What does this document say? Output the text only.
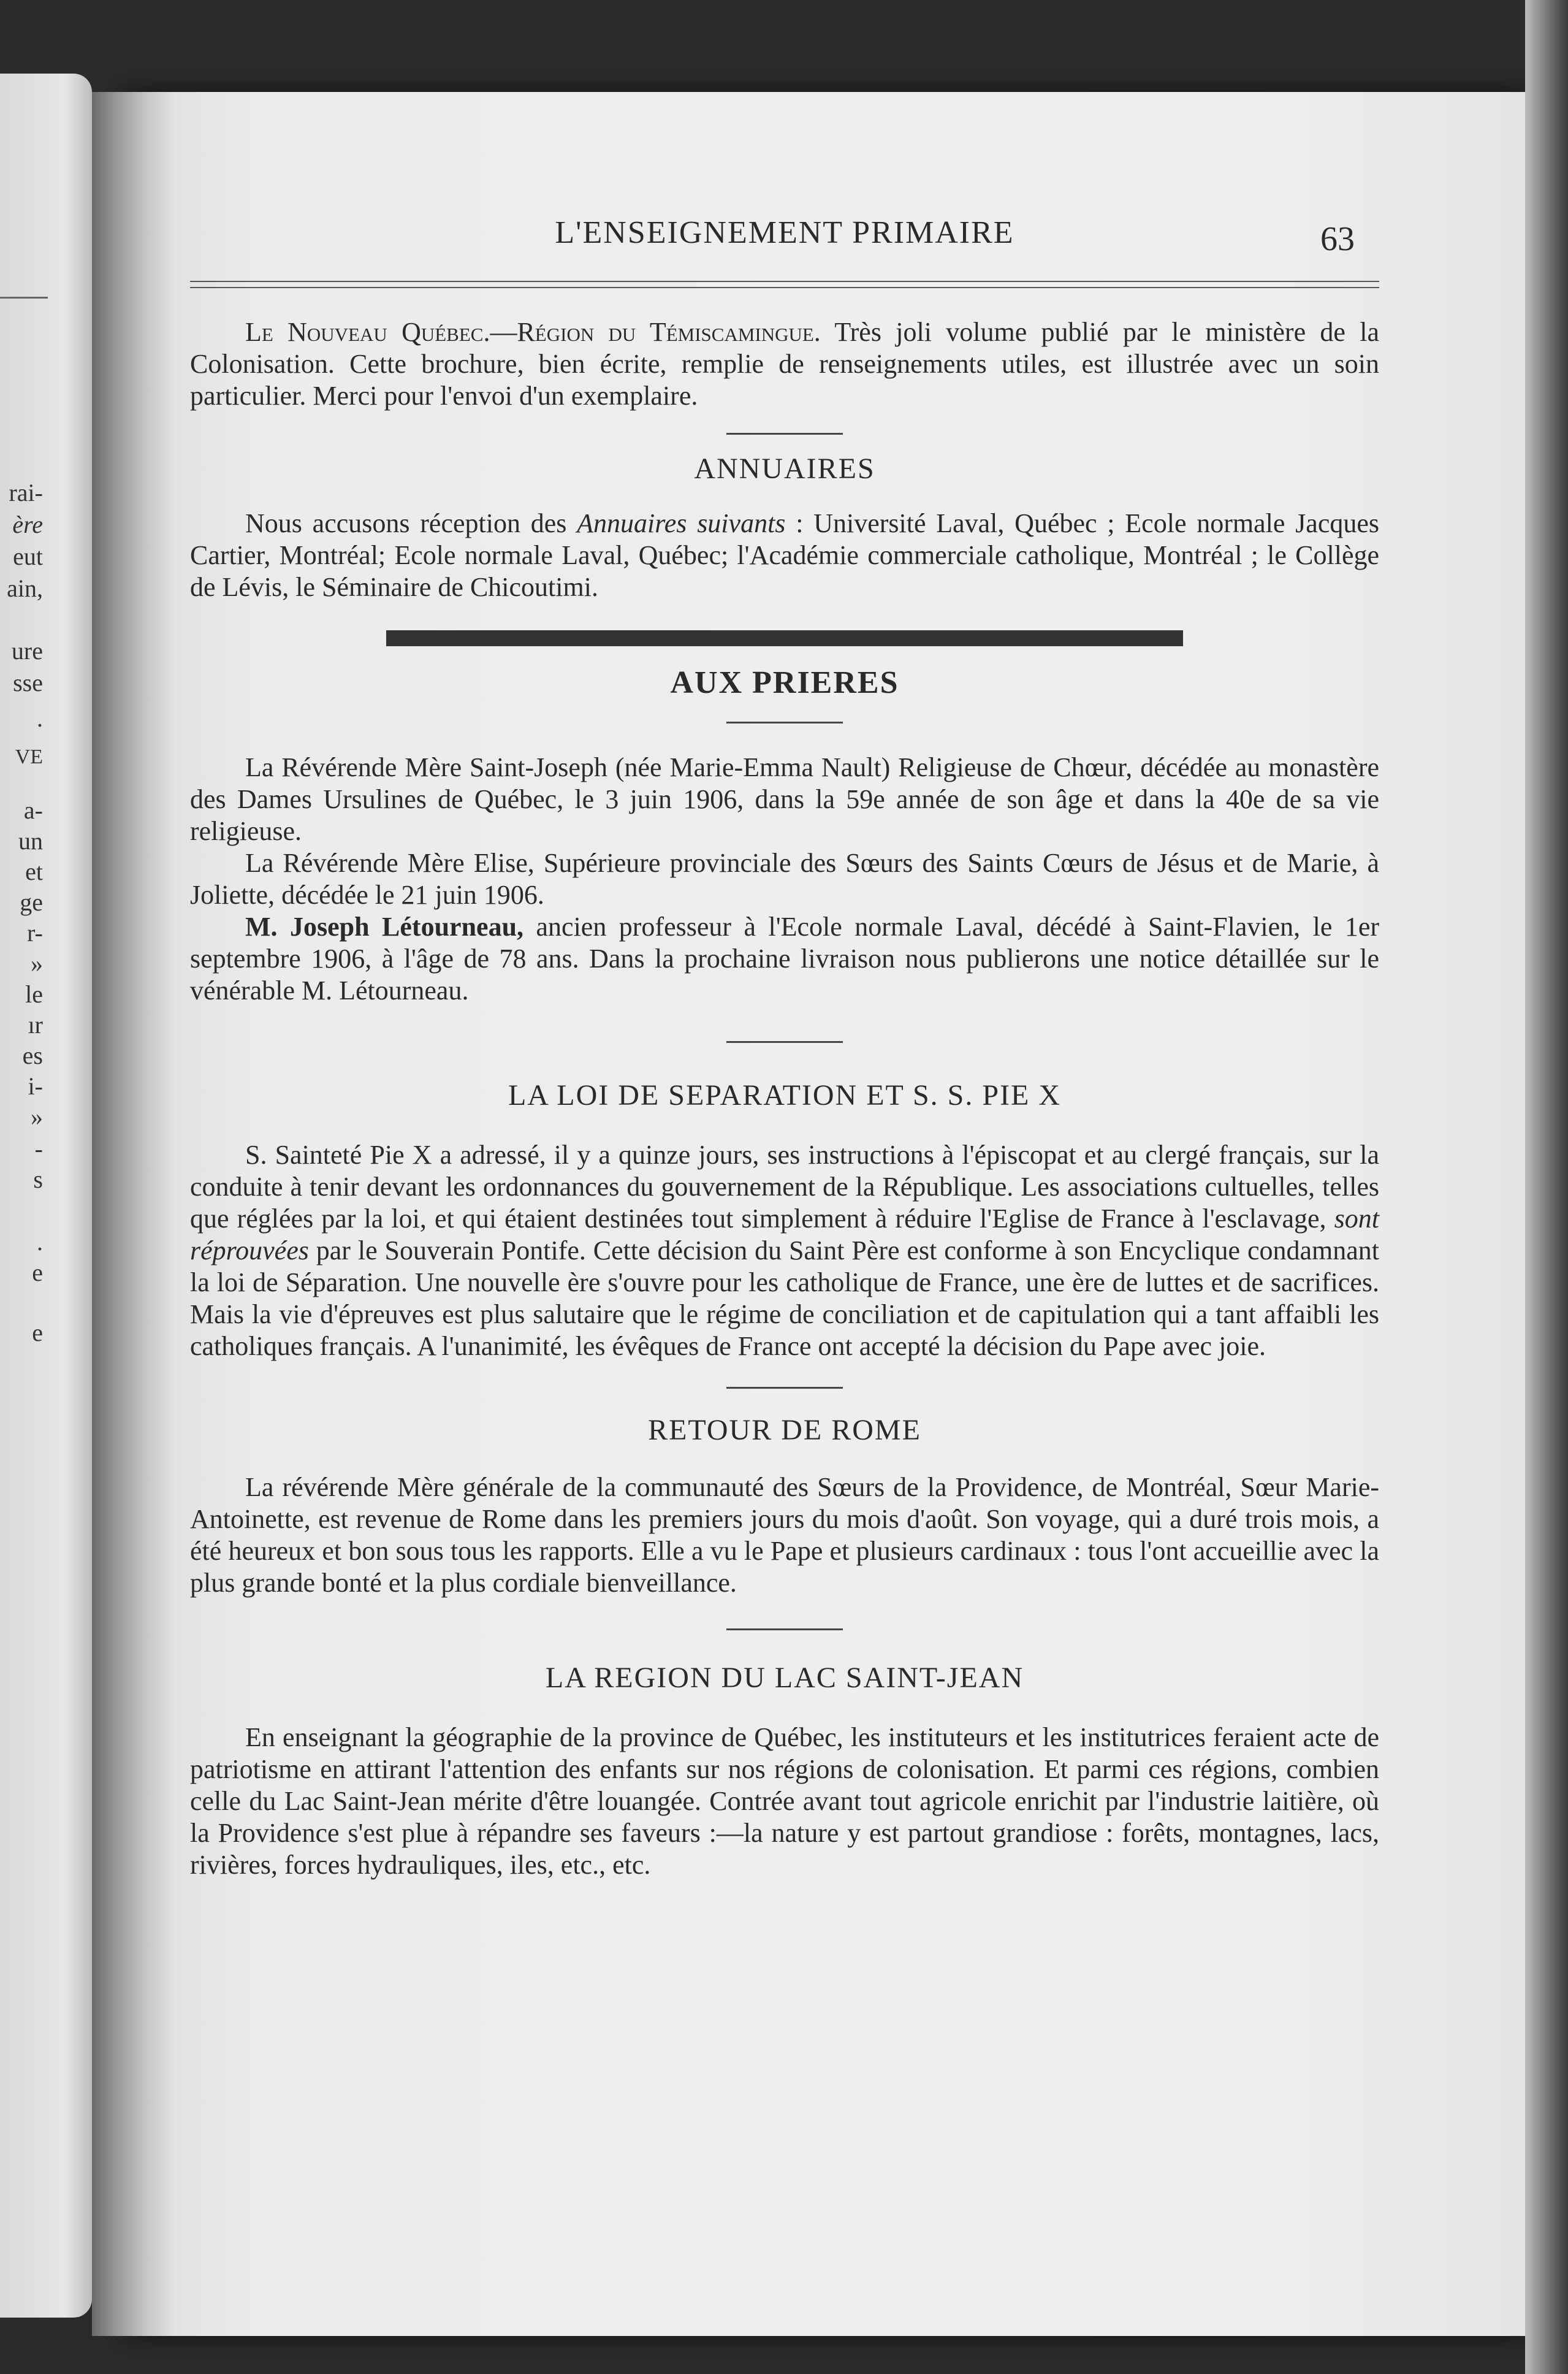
rai-
ère
eut
ain,
ure
sse
.
VE
a-
un
et
ge
r-
»
le
ır
es
i-
»
-
s
.
e
e
L'ENSEIGNEMENT PRIMAIRE	63

Le Nouveau Québec.—Région du Témiscamingue. Très joli volume publié par le ministère de la Colonisation. Cette brochure, bien écrite, remplie de renseignements utiles, est illustrée avec un soin particulier. Merci pour l'envoi d'un exemplaire.

ANNUAIRES

Nous accusons réception des Annuaires suivants : Université Laval, Québec ; Ecole normale Jacques Cartier, Montréal; Ecole normale Laval, Québec; l'Académie commerciale catholique, Montréal ; le Collège de Lévis, le Séminaire de Chicoutimi.

AUX PRIERES

La Révérende Mère Saint-Joseph (née Marie-Emma Nault) Religieuse de Chœur, décédée au monastère des Dames Ursulines de Québec, le 3 juin 1906, dans la 59e année de son âge et dans la 40e de sa vie religieuse.

La Révérende Mère Elise, Supérieure provinciale des Sœurs des Saints Cœurs de Jésus et de Marie, à Joliette, décédée le 21 juin 1906.

M. Joseph Létourneau, ancien professeur à l'Ecole normale Laval, décédé à Saint-Flavien, le 1er septembre 1906, à l'âge de 78 ans. Dans la prochaine livraison nous publierons une notice détaillée sur le vénérable M. Létourneau.

LA LOI DE SEPARATION ET S. S. PIE X

S. Sainteté Pie X a adressé, il y a quinze jours, ses instructions à l'épiscopat et au clergé français, sur la conduite à tenir devant les ordonnances du gouvernement de la République. Les associations cultuelles, telles que réglées par la loi, et qui étaient destinées tout simplement à réduire l'Eglise de France à l'esclavage, sont réprouvées par le Souverain Pontife. Cette décision du Saint Père est conforme à son Encyclique condamnant la loi de Séparation. Une nouvelle ère s'ouvre pour les catholique de France, une ère de luttes et de sacrifices. Mais la vie d'épreuves est plus salutaire que le régime de conciliation et de capitulation qui a tant affaibli les catholiques français. A l'unanimité, les évêques de France ont accepté la décision du Pape avec joie.

RETOUR DE ROME

La révérende Mère générale de la communauté des Sœurs de la Providence, de Montréal, Sœur Marie-Antoinette, est revenue de Rome dans les premiers jours du mois d'août. Son voyage, qui a duré trois mois, a été heureux et bon sous tous les rapports. Elle a vu le Pape et plusieurs cardinaux : tous l'ont accueillie avec la plus grande bonté et la plus cordiale bienveillance.

LA REGION DU LAC SAINT-JEAN

En enseignant la géographie de la province de Québec, les instituteurs et les institutrices feraient acte de patriotisme en attirant l'attention des enfants sur nos régions de colonisation. Et parmi ces régions, combien celle du Lac Saint-Jean mérite d'être louangée. Contrée avant tout agricole enrichit par l'industrie laitière, où la Providence s'est plue à répandre ses faveurs :—la nature y est partout grandiose : forêts, montagnes, lacs, rivières, forces hydrauliques, iles, etc., etc.
